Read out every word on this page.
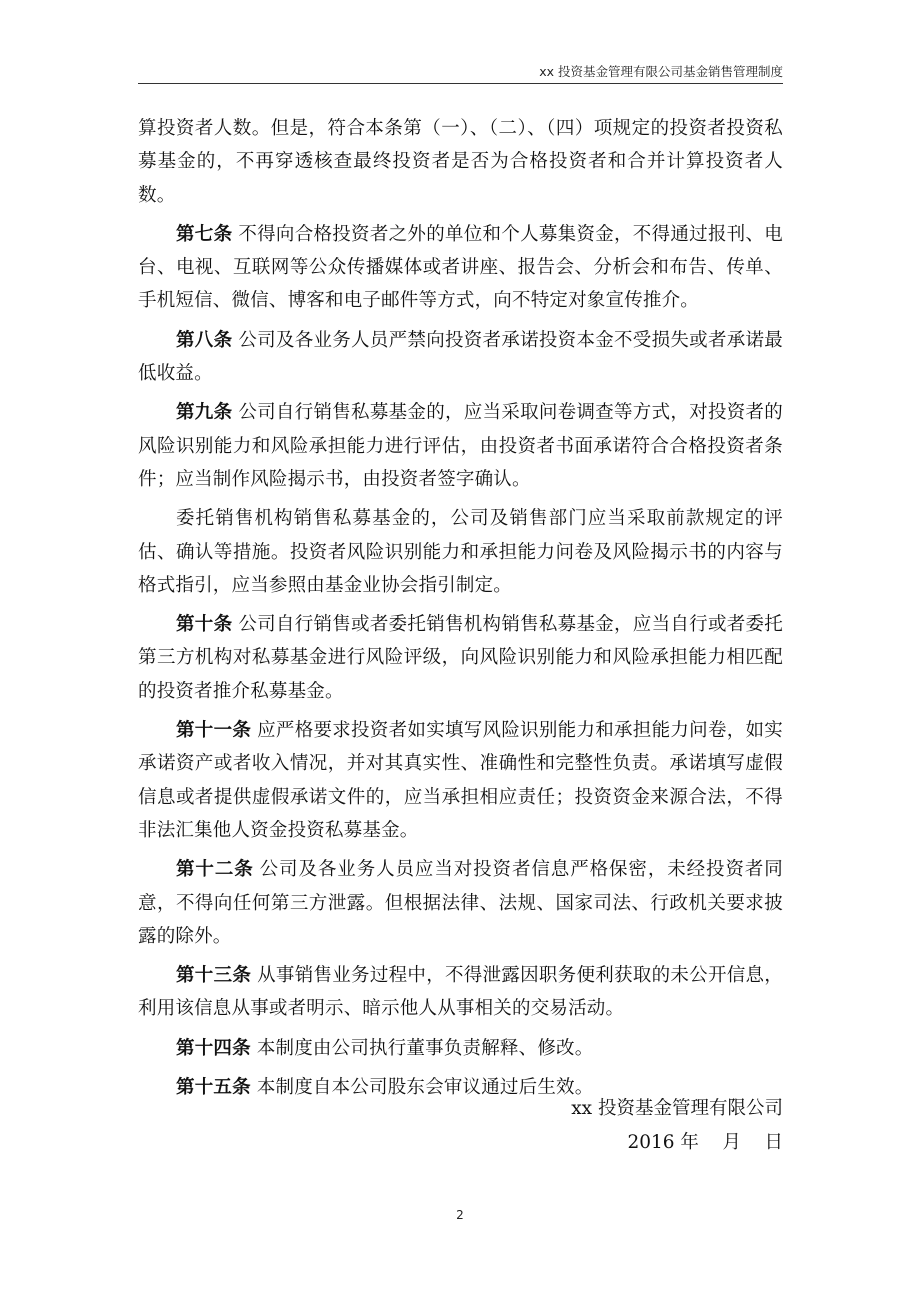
xx 投资基金管理有限公司基金销售管理制度

算投资者人数。但是，符合本条第（一）、（二）、（四）项规定的投资者投资私募基金的，不再穿透核查最终投资者是否为合格投资者和合并计算投资者人数。

第七条 不得向合格投资者之外的单位和个人募集资金，不得通过报刊、电台、电视、互联网等公众传播媒体或者讲座、报告会、分析会和布告、传单、手机短信、微信、博客和电子邮件等方式，向不特定对象宣传推介。

第八条 公司及各业务人员严禁向投资者承诺投资本金不受损失或者承诺最低收益。

第九条 公司自行销售私募基金的，应当采取问卷调查等方式，对投资者的风险识别能力和风险承担能力进行评估，由投资者书面承诺符合合格投资者条件；应当制作风险揭示书，由投资者签字确认。

委托销售机构销售私募基金的，公司及销售部门应当采取前款规定的评估、确认等措施。投资者风险识别能力和承担能力问卷及风险揭示书的内容与格式指引，应当参照由基金业协会指引制定。

第十条 公司自行销售或者委托销售机构销售私募基金，应当自行或者委托第三方机构对私募基金进行风险评级，向风险识别能力和风险承担能力相匹配的投资者推介私募基金。

第十一条 应严格要求投资者如实填写风险识别能力和承担能力问卷，如实承诺资产或者收入情况，并对其真实性、准确性和完整性负责。承诺填写虚假信息或者提供虚假承诺文件的，应当承担相应责任；投资资金来源合法，不得非法汇集他人资金投资私募基金。

第十二条 公司及各业务人员应当对投资者信息严格保密，未经投资者同意，不得向任何第三方泄露。但根据法律、法规、国家司法、行政机关要求披露的除外。

第十三条 从事销售业务过程中，不得泄露因职务便利获取的未公开信息，利用该信息从事或者明示、暗示他人从事相关的交易活动。

第十四条 本制度由公司执行董事负责解释、修改。

第十五条 本制度自本公司股东会审议通过后生效。

xx 投资基金管理有限公司
2016 年 月 日
2
